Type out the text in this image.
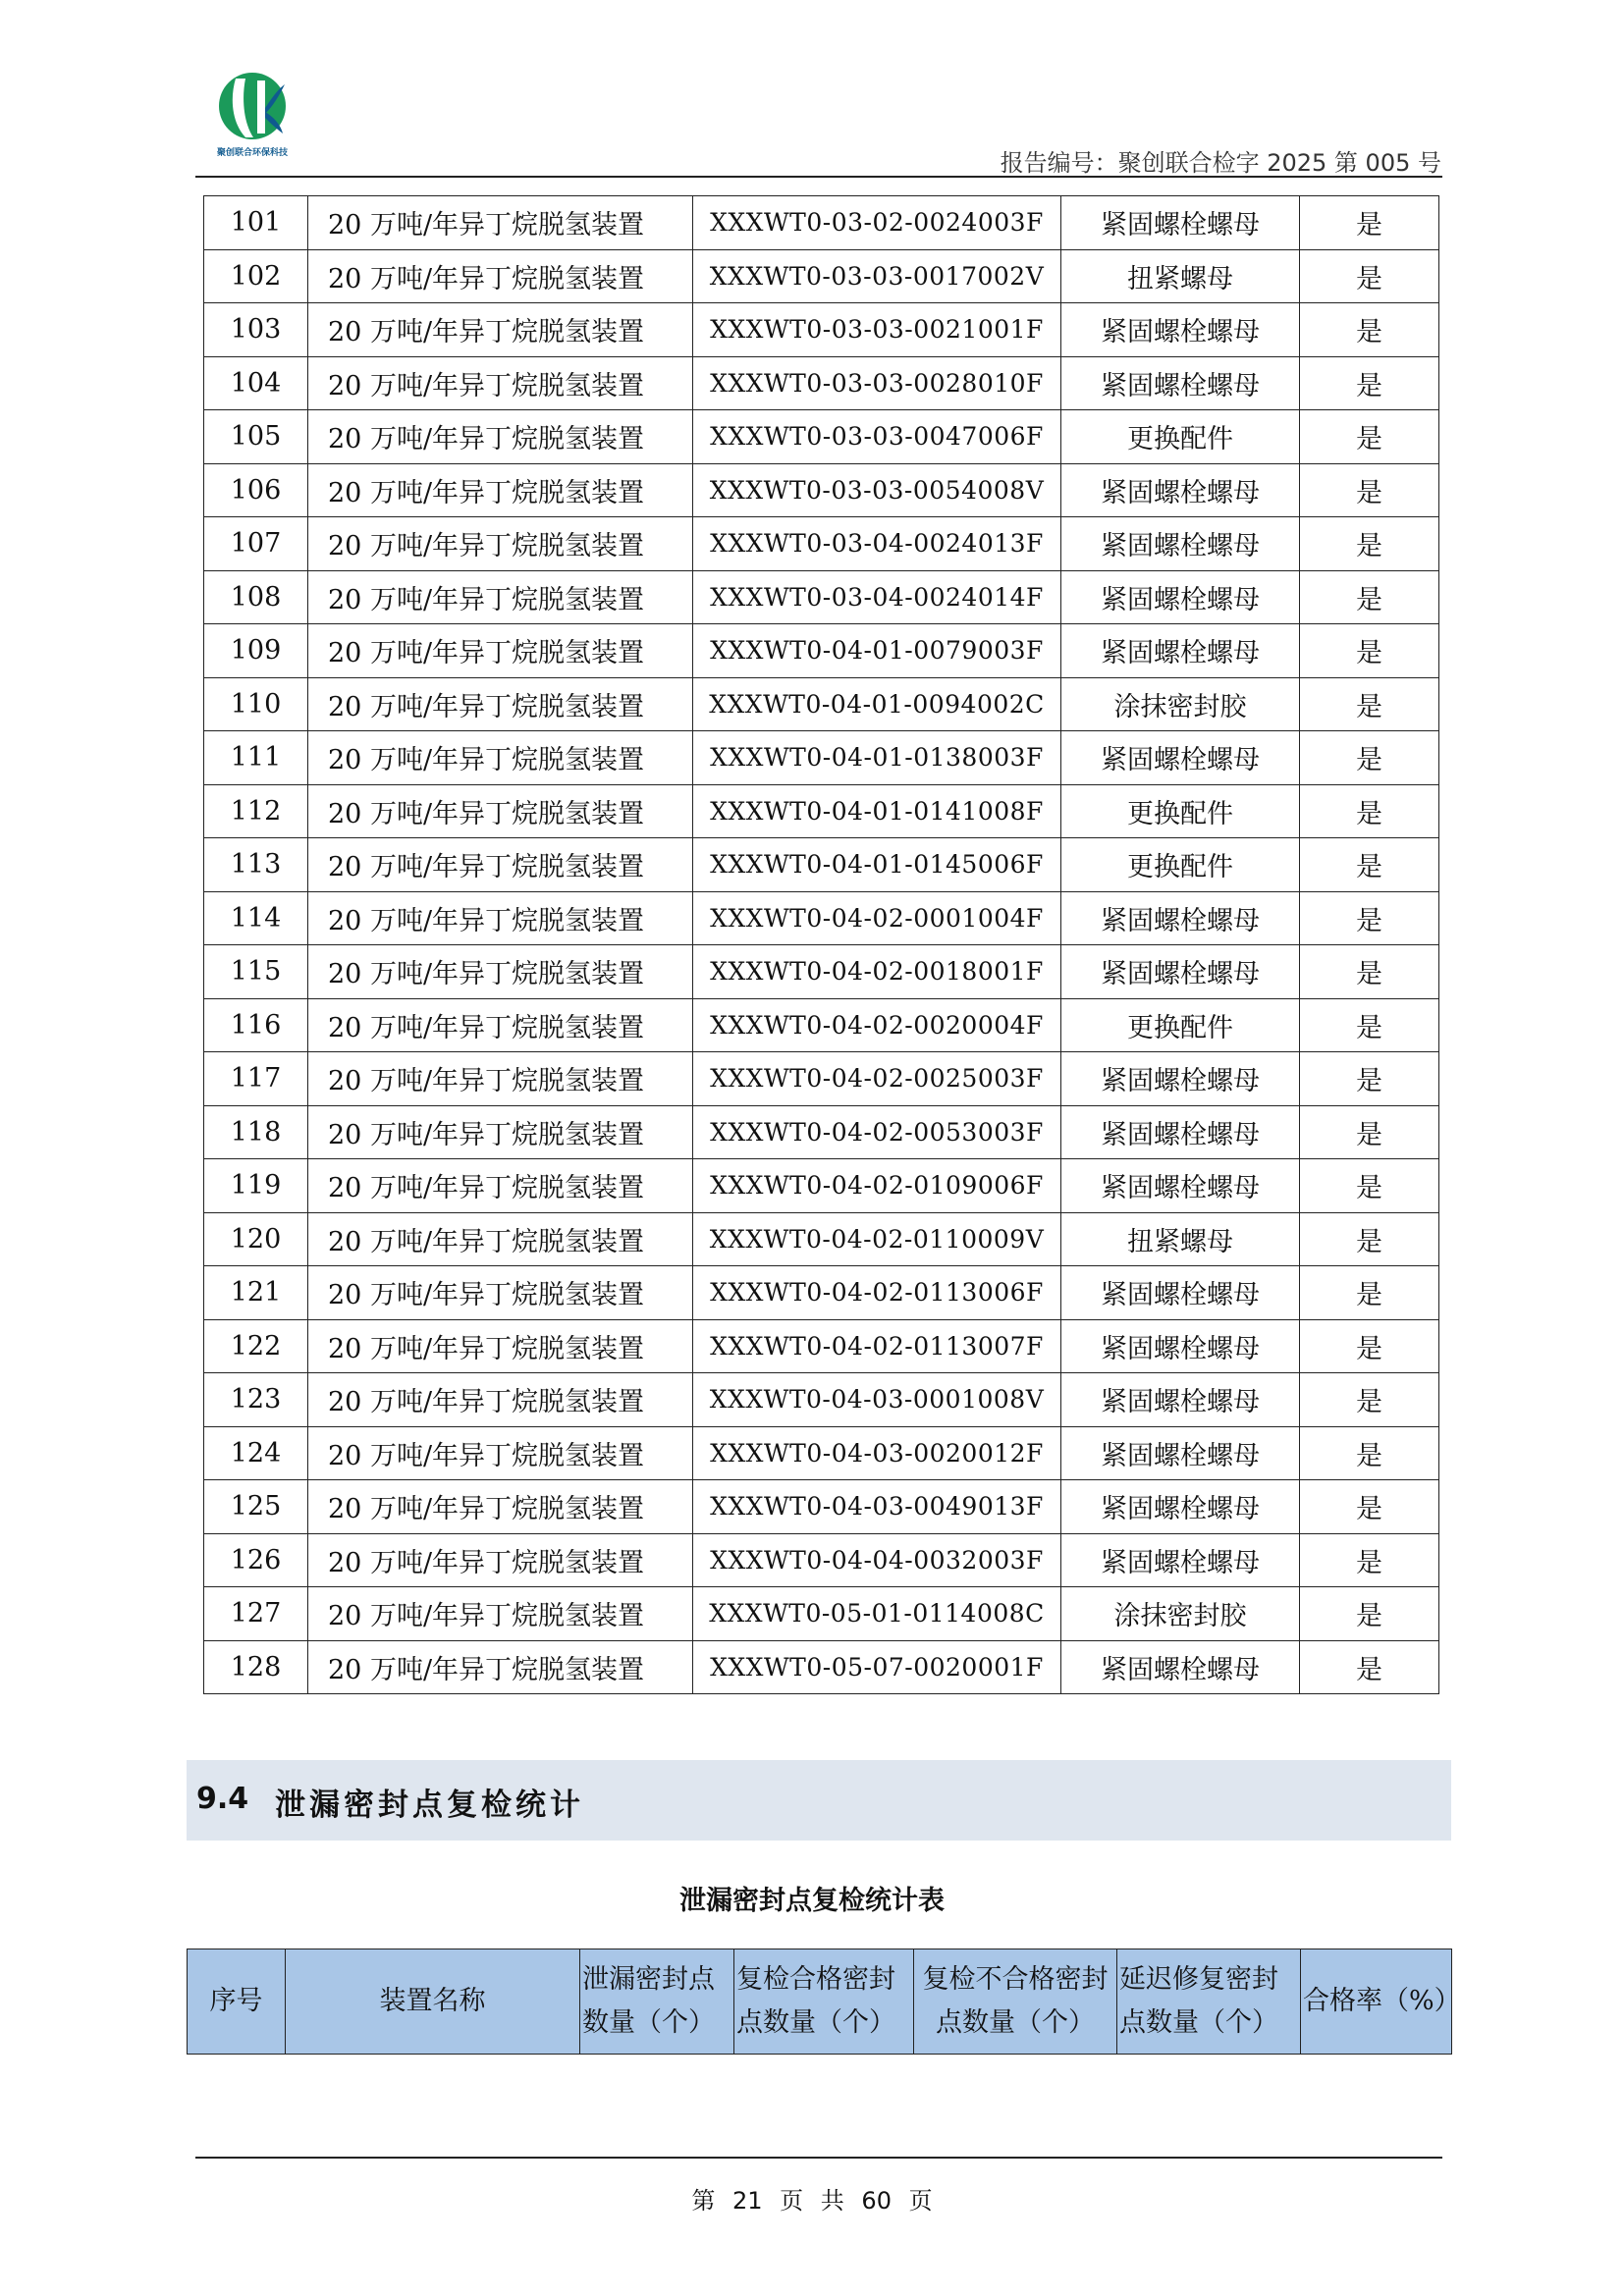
聚创联合环保科技	报告编号：聚创联合检字 2025 第 005 号
101	20 万吨/年异丁烷脱氢装置	XXXWT0-03-02-0024003F	紧固螺栓螺母	是
102	20 万吨/年异丁烷脱氢装置	XXXWT0-03-03-0017002V	扭紧螺母	是
103	20 万吨/年异丁烷脱氢装置	XXXWT0-03-03-0021001F	紧固螺栓螺母	是
104	20 万吨/年异丁烷脱氢装置	XXXWT0-03-03-0028010F	紧固螺栓螺母	是
105	20 万吨/年异丁烷脱氢装置	XXXWT0-03-03-0047006F	更换配件	是
106	20 万吨/年异丁烷脱氢装置	XXXWT0-03-03-0054008V	紧固螺栓螺母	是
107	20 万吨/年异丁烷脱氢装置	XXXWT0-03-04-0024013F	紧固螺栓螺母	是
108	20 万吨/年异丁烷脱氢装置	XXXWT0-03-04-0024014F	紧固螺栓螺母	是
109	20 万吨/年异丁烷脱氢装置	XXXWT0-04-01-0079003F	紧固螺栓螺母	是
110	20 万吨/年异丁烷脱氢装置	XXXWT0-04-01-0094002C	涂抹密封胶	是
111	20 万吨/年异丁烷脱氢装置	XXXWT0-04-01-0138003F	紧固螺栓螺母	是
112	20 万吨/年异丁烷脱氢装置	XXXWT0-04-01-0141008F	更换配件	是
113	20 万吨/年异丁烷脱氢装置	XXXWT0-04-01-0145006F	更换配件	是
114	20 万吨/年异丁烷脱氢装置	XXXWT0-04-02-0001004F	紧固螺栓螺母	是
115	20 万吨/年异丁烷脱氢装置	XXXWT0-04-02-0018001F	紧固螺栓螺母	是
116	20 万吨/年异丁烷脱氢装置	XXXWT0-04-02-0020004F	更换配件	是
117	20 万吨/年异丁烷脱氢装置	XXXWT0-04-02-0025003F	紧固螺栓螺母	是
118	20 万吨/年异丁烷脱氢装置	XXXWT0-04-02-0053003F	紧固螺栓螺母	是
119	20 万吨/年异丁烷脱氢装置	XXXWT0-04-02-0109006F	紧固螺栓螺母	是
120	20 万吨/年异丁烷脱氢装置	XXXWT0-04-02-0110009V	扭紧螺母	是
121	20 万吨/年异丁烷脱氢装置	XXXWT0-04-02-0113006F	紧固螺栓螺母	是
122	20 万吨/年异丁烷脱氢装置	XXXWT0-04-02-0113007F	紧固螺栓螺母	是
123	20 万吨/年异丁烷脱氢装置	XXXWT0-04-03-0001008V	紧固螺栓螺母	是
124	20 万吨/年异丁烷脱氢装置	XXXWT0-04-03-0020012F	紧固螺栓螺母	是
125	20 万吨/年异丁烷脱氢装置	XXXWT0-04-03-0049013F	紧固螺栓螺母	是
126	20 万吨/年异丁烷脱氢装置	XXXWT0-04-04-0032003F	紧固螺栓螺母	是
127	20 万吨/年异丁烷脱氢装置	XXXWT0-05-01-0114008C	涂抹密封胶	是
128	20 万吨/年异丁烷脱氢装置	XXXWT0-05-07-0020001F	紧固螺栓螺母	是
9.4 泄漏密封点复检统计
泄漏密封点复检统计表
序号	装置名称	泄漏密封点数量（个）	复检合格密封点数量（个）	复检不合格密封点数量（个）	延迟修复密封点数量（个）	合格率（%）
第 21 页 共 60 页
